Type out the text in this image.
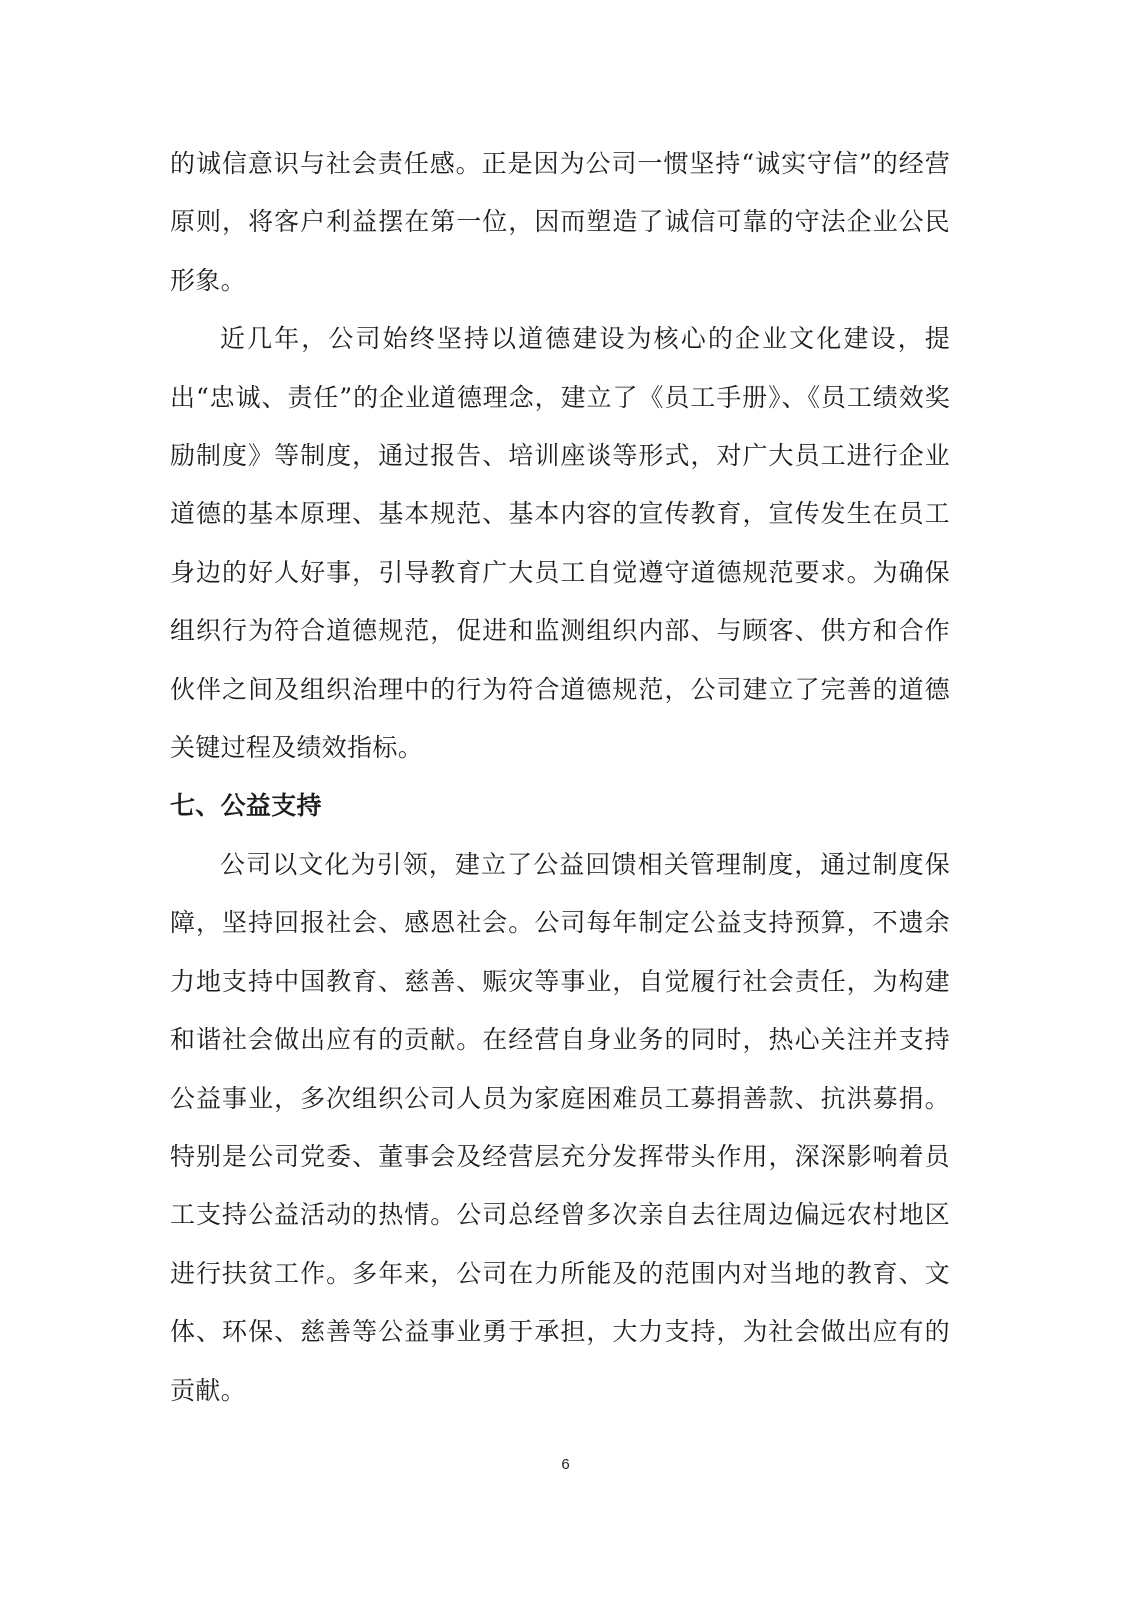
的诚信意识与社会责任感。正是因为公司一惯坚持“诚实守信”的经营原则，将客户利益摆在第一位，因而塑造了诚信可靠的守法企业公民形象。

近几年，公司始终坚持以道德建设为核心的企业文化建设，提出“忠诚、责任”的企业道德理念，建立了《员工手册》、《员工绩效奖励制度》等制度，通过报告、培训座谈等形式，对广大员工进行企业道德的基本原理、基本规范、基本内容的宣传教育，宣传发生在员工身边的好人好事，引导教育广大员工自觉遵守道德规范要求。为确保组织行为符合道德规范，促进和监测组织内部、与顾客、供方和合作伙伴之间及组织治理中的行为符合道德规范，公司建立了完善的道德关键过程及绩效指标。

七、公益支持

公司以文化为引领，建立了公益回馈相关管理制度，通过制度保障，坚持回报社会、感恩社会。公司每年制定公益支持预算，不遗余力地支持中国教育、慈善、赈灾等事业，自觉履行社会责任，为构建和谐社会做出应有的贡献。在经营自身业务的同时，热心关注并支持公益事业，多次组织公司人员为家庭困难员工募捐善款、抗洪募捐。特别是公司党委、董事会及经营层充分发挥带头作用，深深影响着员工支持公益活动的热情。公司总经曾多次亲自去往周边偏远农村地区进行扶贫工作。多年来，公司在力所能及的范围内对当地的教育、文体、环保、慈善等公益事业勇于承担，大力支持，为社会做出应有的贡献。

6
